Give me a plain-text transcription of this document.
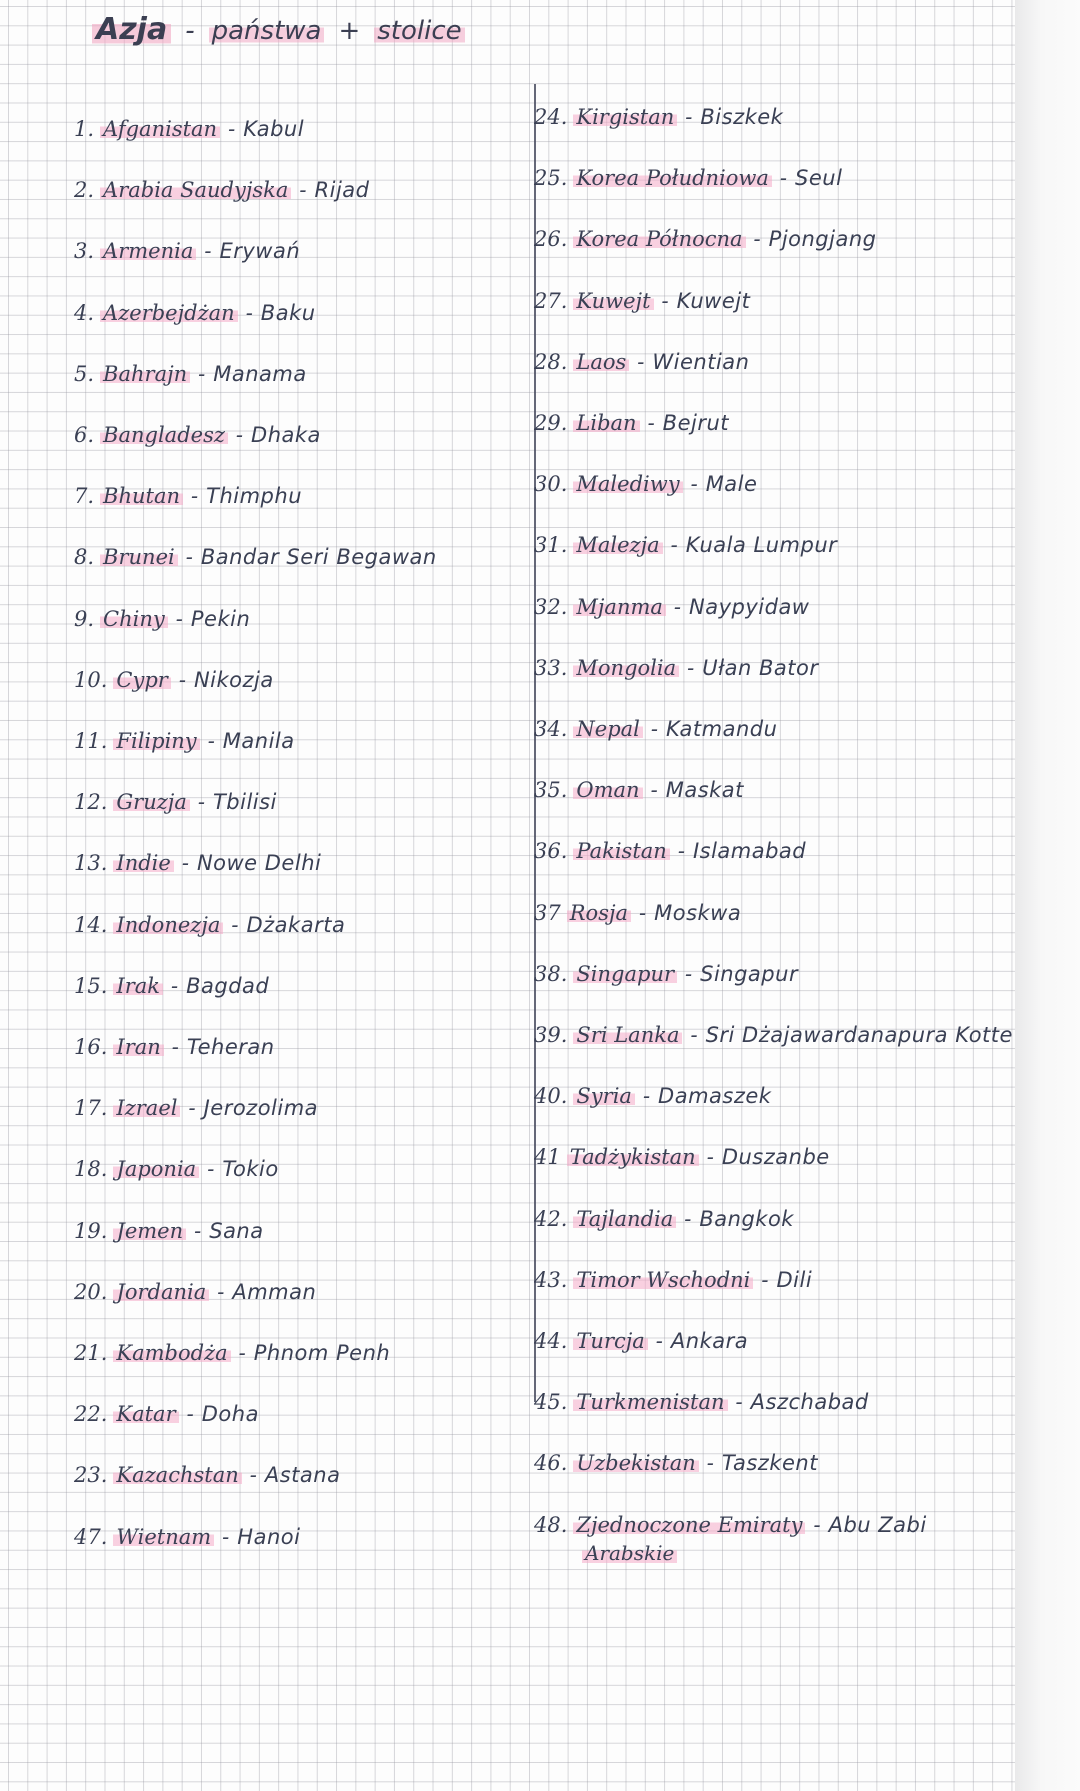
Azja - państwa + stolice
1. Afganistan - Kabul
2. Arabia Saudyjska - Rijad
3. Armenia - Erywań
4. Azerbejdżan - Baku
5. Bahrajn - Manama
6. Bangladesz - Dhaka
7. Bhutan - Thimphu
8. Brunei - Bandar Seri Begawan
9. Chiny - Pekin
10. Cypr - Nikozja
11. Filipiny - Manila
12. Gruzja - Tbilisi
13. Indie - Nowe Delhi
14. Indonezja - Dżakarta
15. Irak - Bagdad
16. Iran - Teheran
17. Izrael - Jerozolima
18. Japonia - Tokio
19. Jemen - Sana
20. Jordania - Amman
21. Kambodża - Phnom Penh
22. Katar - Doha
23. Kazachstan - Astana
47. Wietnam - Hanoi
24. Kirgistan - Biszkek
25. Korea Południowa - Seul
26. Korea Północna - Pjongjang
27. Kuwejt - Kuwejt
28. Laos - Wientian
29. Liban - Bejrut
30. Malediwy - Male
31. Malezja - Kuala Lumpur
32. Mjanma - Naypyidaw
33. Mongolia - Ułan Bator
34. Nepal - Katmandu
35. Oman - Maskat
36. Pakistan - Islamabad
37 Rosja - Moskwa
38. Singapur - Singapur
39. Sri Lanka - Sri Dżajawardanapura Kotte
40. Syria - Damaszek
41 Tadżykistan - Duszanbe
42. Tajlandia - Bangkok
43. Timor Wschodni - Dili
44. Turcja - Ankara
45. Turkmenistan - Aszchabad
46. Uzbekistan - Taszkent
48. Zjednoczone Emiraty - Abu Zabi
Arabskie
